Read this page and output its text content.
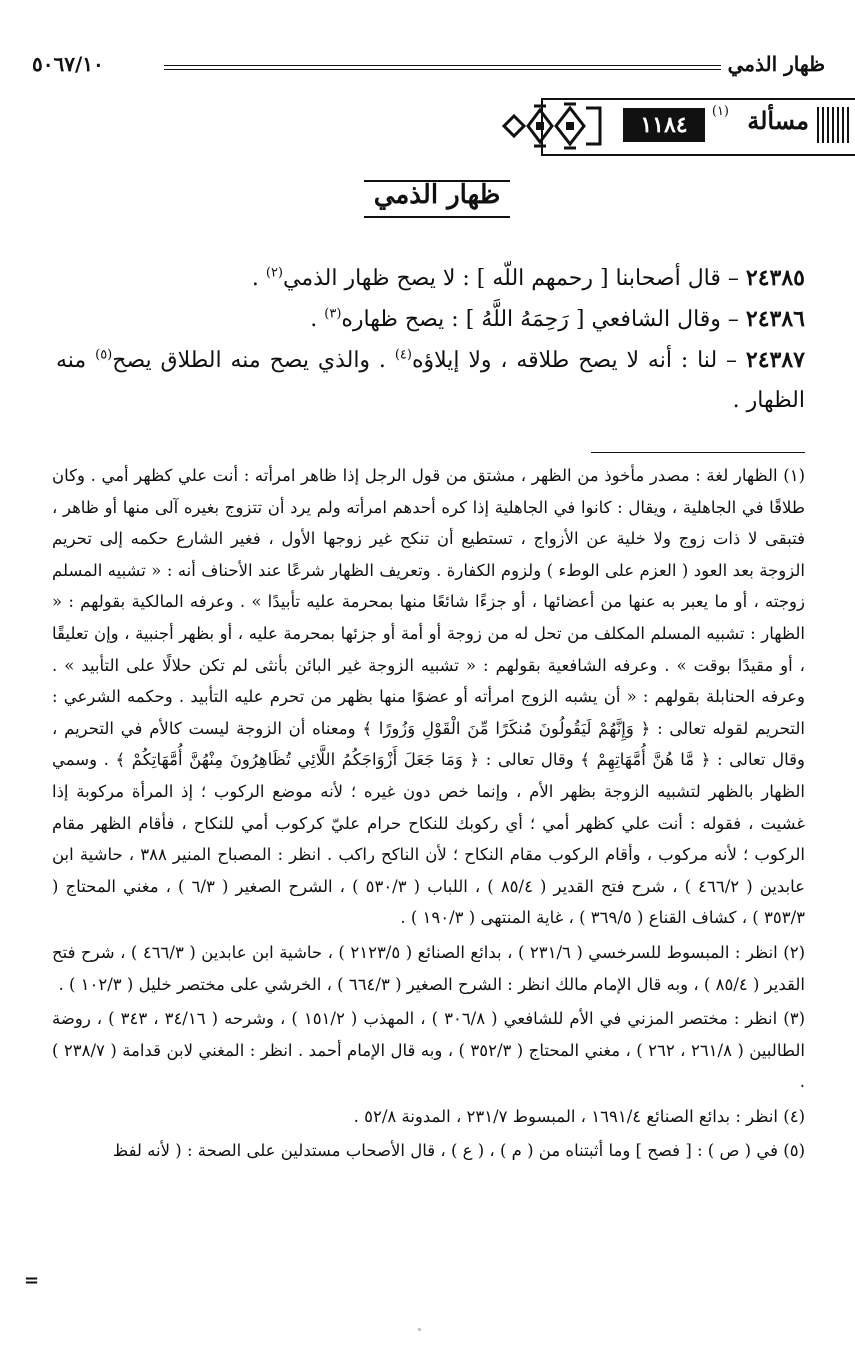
ظهار الذمي
٥٠٦٧/١٠
مسألة
(١)
١١٨٤
ظهار الذمي

٢٤٣٨٥ – قال أصحابنا [ رحمهم اللّه ] : لا يصح ظهار الذمي$^{(٢)}$ .

٢٤٣٨٦ – وقال الشافعي [ رَحِمَهُ اللَّهُ ] : يصح ظهاره$^{(٣)}$ .

٢٤٣٨٧ – لنا : أنه لا يصح طلاقه ، ولا إيلاؤه$^{(٤)}$ . والذي يصح منه الطلاق يصح$^{(٥)}$ منه الظهار .

(١) الظهار لغة : مصدر مأخوذ من الظهر ، مشتق من قول الرجل إذا ظاهر امرأته : أنت علي كظهر أمي . وكان طلاقًا في الجاهلية ، ويقال : كانوا في الجاهلية إذا كره أحدهم امرأته ولم يرد أن تتزوج بغيره آلى منها أو ظاهر ، فتبقى لا ذات زوج ولا خلية عن الأزواج ، تستطيع أن تنكح غير زوجها الأول ، فغير الشارع حكمه إلى تحريم الزوجة بعد العود ( العزم على الوطء ) ولزوم الكفارة . وتعريف الظهار شرعًا عند الأحناف أنه : « تشبيه المسلم زوجته ، أو ما يعبر به عنها من أعضائها ، أو جزءًا شائعًا منها بمحرمة عليه تأبيدًا » . وعرفه المالكية بقولهم : « الظهار : تشبيه المسلم المكلف من تحل له من زوجة أو أمة أو جزئها بمحرمة عليه ، أو بظهر أجنبية ، وإن تعليقًا ، أو مقيدًا بوقت » . وعرفه الشافعية بقولهم : « تشبيه الزوجة غير البائن بأنثى لم تكن حلالًا على التأبيد » . وعرفه الحنابلة بقولهم : « أن يشبه الزوج امرأته أو عضوًا منها بظهر من تحرم عليه التأبيد . وحكمه الشرعي : التحريم لقوله تعالى : ﴿ وَإِنَّهُمْ لَيَقُولُونَ مُنكَرًا مِّنَ الْقَوْلِ وَزُورًا ﴾ ومعناه أن الزوجة ليست كالأم في التحريم ، وقال تعالى : ﴿ مَّا هُنَّ أُمَّهَاتِهِمْ ﴾ وقال تعالى : ﴿ وَمَا جَعَلَ أَزْوَاجَكُمُ اللَّائِي تُظَاهِرُونَ مِنْهُنَّ أُمَّهَاتِكُمْ ﴾ . وسمي الظهار بالظهر لتشبيه الزوجة بظهر الأم ، وإنما خص دون غيره ؛ لأنه موضع الركوب ؛ إذ المرأة مركوبة إذا غشيت ، فقوله : أنت علي كظهر أمي ؛ أي ركوبك للنكاح حرام عليّ كركوب أمي للنكاح ، فأقام الظهر مقام الركوب ؛ لأنه مركوب ، وأقام الركوب مقام النكاح ؛ لأن الناكح راكب . انظر : المصباح المنير ٣٨٨ ، حاشية ابن عابدين ( ٤٦٦/٢ ) ، شرح فتح القدير ( ٨٥/٤ ) ، اللباب ( ٥٣٠/٣ ) ، الشرح الصغير ( ٦/٣ ) ، مغني المحتاج ( ٣٥٣/٣ ) ، كشاف القناع ( ٣٦٩/٥ ) ، غاية المنتهى ( ١٩٠/٣ ) .

(٢) انظر : المبسوط للسرخسي ( ٢٣١/٦ ) ، بدائع الصنائع ( ٢١٢٣/٥ ) ، حاشية ابن عابدين ( ٤٦٦/٣ ) ، شرح فتح القدير ( ٨٥/٤ ) ، وبه قال الإمام مالك انظر : الشرح الصغير ( ٦٦٤/٣ ) ، الخرشي على مختصر خليل ( ١٠٢/٣ ) .

(٣) انظر : مختصر المزني في الأم للشافعي ( ٣٠٦/٨ ) ، المهذب ( ١٥١/٢ ) ، وشرحه ( ٣٤/١٦ ، ٣٤٣ ) ، روضة الطالبين ( ٢٦١/٨ ، ٢٦٢ ) ، مغني المحتاج ( ٣٥٢/٣ ) ، وبه قال الإمام أحمد . انظر : المغني لابن قدامة ( ٢٣٨/٧ ) .

(٤) انظر : بدائع الصنائع ١٦٩١/٤ ، المبسوط ٢٣١/٧ ، المدونة ٥٢/٨ .

(٥) في ( ص ) : [ فصح ] وما أثبتناه من ( م ) ، ( ع ) ، قال الأصحاب مستدلين على الصحة : ( لأنه لفظ

=
